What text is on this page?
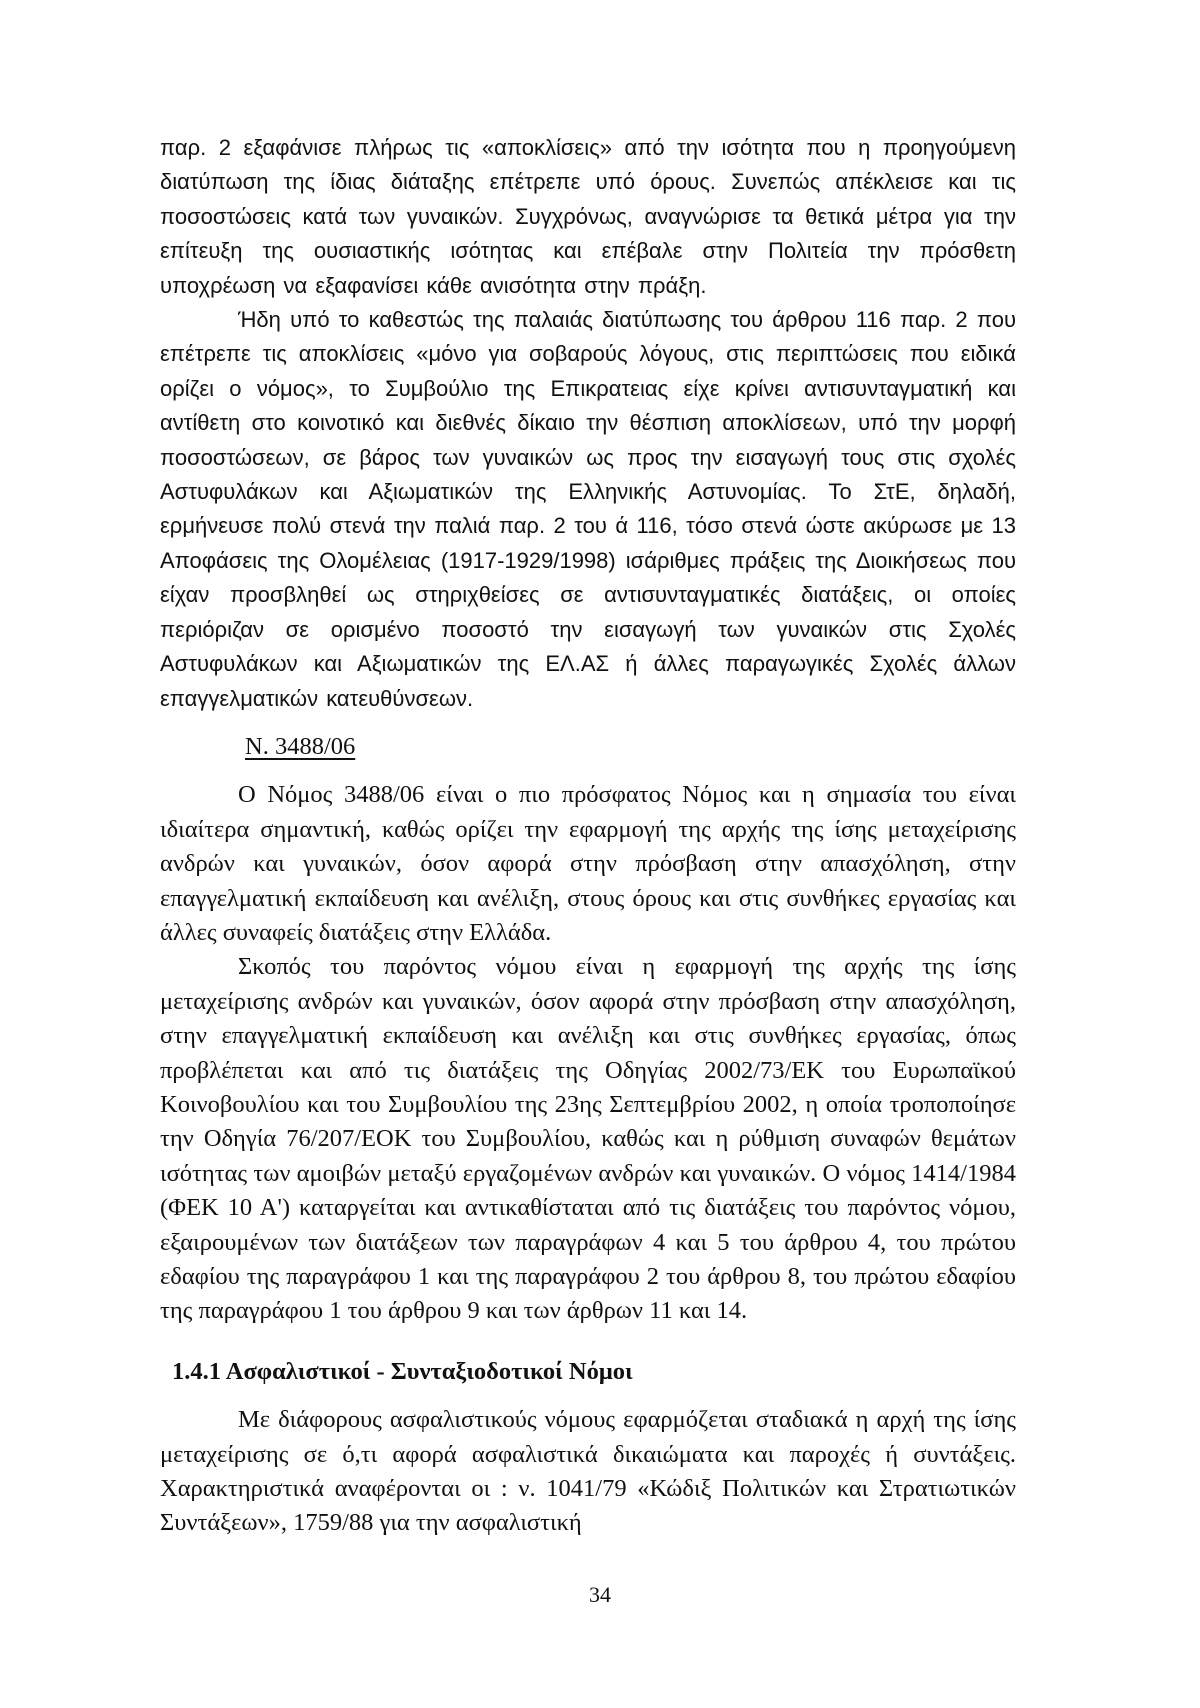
παρ. 2 εξαφάνισε πλήρως τις «αποκλίσεις» από την ισότητα που η προηγούμενη διατύπωση της ίδιας διάταξης επέτρεπε υπό όρους. Συνεπώς απέκλεισε και τις ποσοστώσεις κατά των γυναικών. Συγχρόνως, αναγνώρισε τα θετικά μέτρα για την επίτευξη της ουσιαστικής ισότητας και επέβαλε στην Πολιτεία την πρόσθετη υποχρέωση να εξαφανίσει κάθε ανισότητα στην πράξη.

Ήδη υπό το καθεστώς της παλαιάς διατύπωσης του άρθρου 116 παρ. 2 που επέτρεπε τις αποκλίσεις «μόνο για σοβαρούς λόγους, στις περιπτώσεις που ειδικά ορίζει ο νόμος», το Συμβούλιο της Επικρατειας είχε κρίνει αντισυνταγματική και αντίθετη στο κοινοτικό και διεθνές δίκαιο την θέσπιση αποκλίσεων, υπό την μορφή ποσοστώσεων, σε βάρος των γυναικών ως προς την εισαγωγή τους στις σχολές Αστυφυλάκων και Αξιωματικών της Ελληνικής Αστυνομίας. Το ΣτΕ, δηλαδή, ερμήνευσε πολύ στενά την παλιά παρ. 2 του ά 116, τόσο στενά ώστε ακύρωσε με 13 Αποφάσεις της Ολομέλειας (1917-1929/1998) ισάριθμες πράξεις της Διοικήσεως που είχαν προσβληθεί ως στηριχθείσες σε αντισυνταγματικές διατάξεις, οι οποίες περιόριζαν σε ορισμένο ποσοστό την εισαγωγή των γυναικών στις Σχολές Αστυφυλάκων και Αξιωματικών της ΕΛ.ΑΣ ή άλλες παραγωγικές Σχολές άλλων επαγγελματικών κατευθύνσεων.

Ν. 3488/06

Ο Νόμος 3488/06 είναι ο πιο πρόσφατος Νόμος και η σημασία του είναι ιδιαίτερα σημαντική, καθώς ορίζει την εφαρμογή της αρχής της ίσης μεταχείρισης ανδρών και γυναικών, όσον αφορά στην πρόσβαση στην απασχόληση, στην επαγγελματική εκπαίδευση και ανέλιξη, στους όρους και στις συνθήκες εργασίας και άλλες συναφείς διατάξεις στην Ελλάδα.

Σκοπός του παρόντος νόμου είναι η εφαρμογή της αρχής της ίσης μεταχείρισης ανδρών και γυναικών, όσον αφορά στην πρόσβαση στην απασχόληση, στην επαγγελματική εκπαίδευση και ανέλιξη και στις συνθήκες εργασίας, όπως προβλέπεται και από τις διατάξεις της Οδηγίας 2002/73/ΕΚ του Ευρωπαϊκού Κοινοβουλίου και του Συμβουλίου της 23ης Σεπτεμβρίου 2002, η οποία τροποποίησε την Οδηγία 76/207/ΕΟΚ του Συμβουλίου, καθώς και η ρύθμιση συναφών θεμάτων ισότητας των αμοιβών μεταξύ εργαζομένων ανδρών και γυναικών. Ο νόμος 1414/1984 (ΦΕΚ 10 Α') καταργείται και αντικαθίσταται από τις διατάξεις του παρόντος νόμου, εξαιρουμένων των διατάξεων των παραγράφων 4 και 5 του άρθρου 4, του πρώτου εδαφίου της παραγράφου 1 και της παραγράφου 2 του άρθρου 8, του πρώτου εδαφίου της παραγράφου 1 του άρθρου 9 και των άρθρων 11 και 14.

1.4.1 Ασφαλιστικοί - Συνταξιοδοτικοί Νόμοι

Με διάφορους ασφαλιστικούς νόμους εφαρμόζεται σταδιακά η αρχή της ίσης μεταχείρισης σε ό,τι αφορά ασφαλιστικά δικαιώματα και παροχές ή συντάξεις. Χαρακτηριστικά αναφέρονται οι : ν. 1041/79 «Κώδιξ Πολιτικών και Στρατιωτικών Συντάξεων», 1759/88 για την ασφαλιστική

34
